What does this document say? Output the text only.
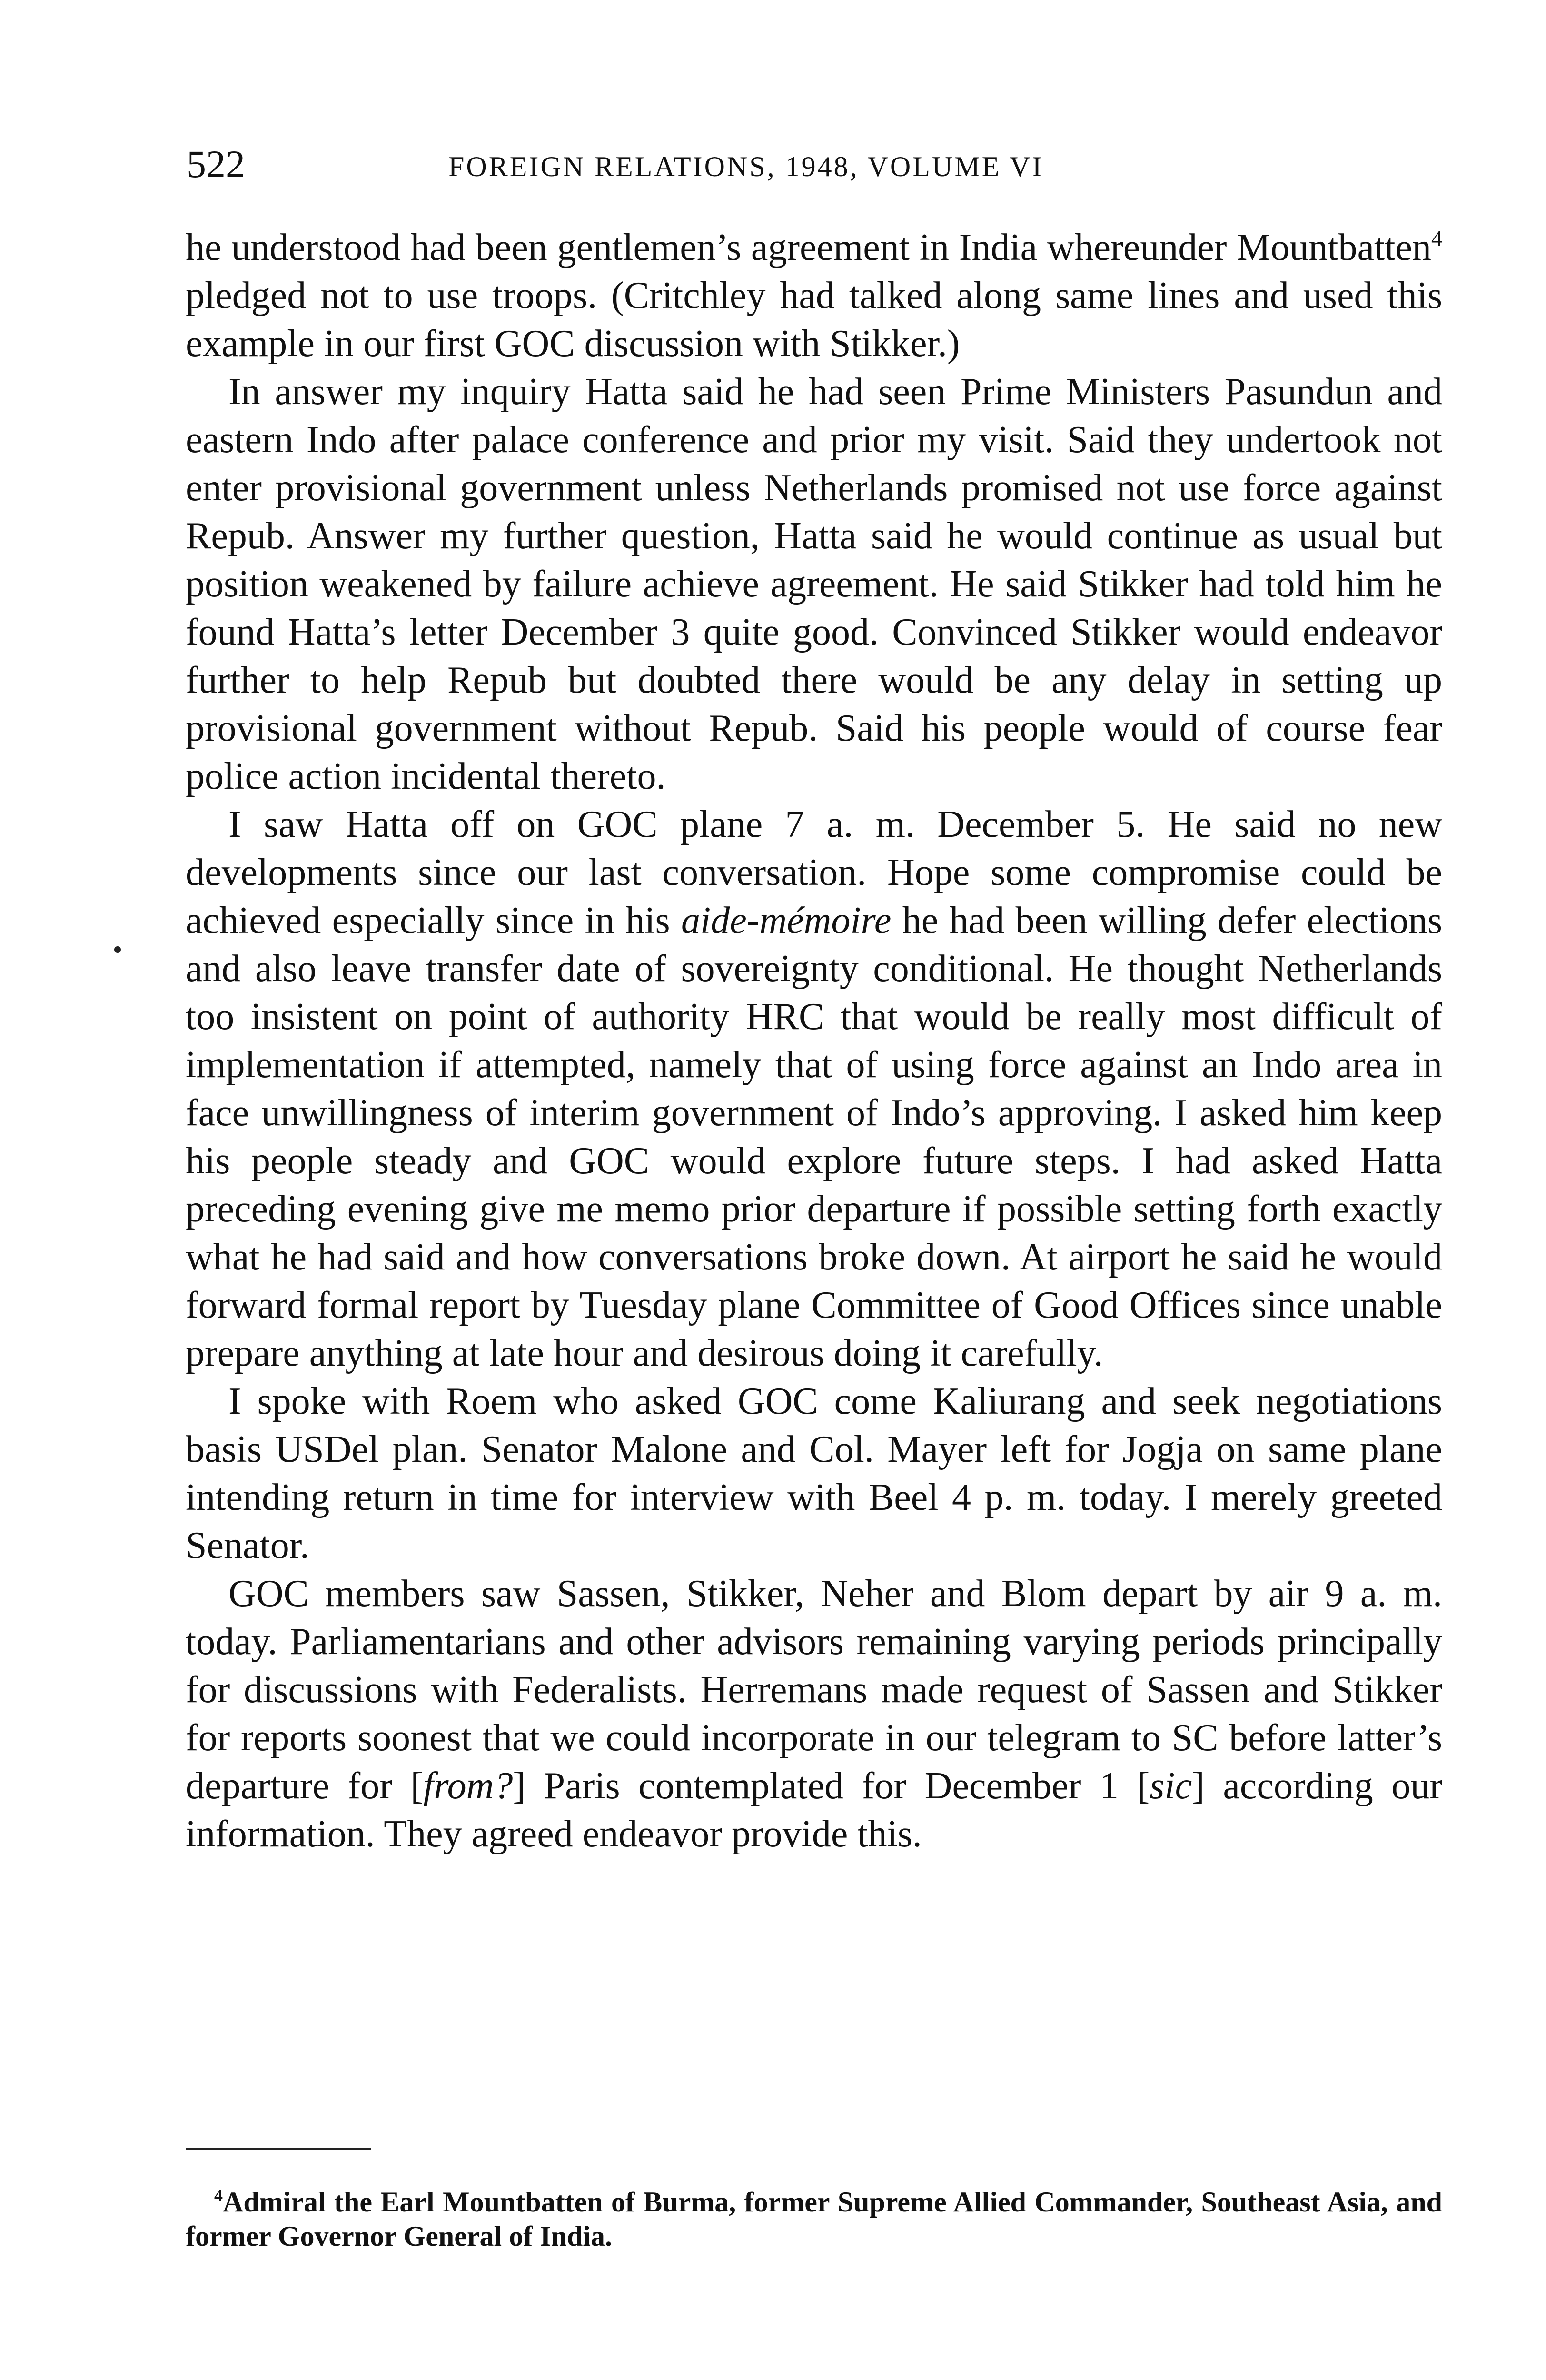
522	FOREIGN RELATIONS, 1948, VOLUME VI

he understood had been gentlemen’s agreement in India whereunder Mountbatten$^4$ pledged not to use troops. (Critchley had talked along same lines and used this example in our first GOC discussion with Stikker.)

In answer my inquiry Hatta said he had seen Prime Ministers Pasundun and eastern Indo after palace conference and prior my visit. Said they undertook not enter provisional government unless Netherlands promised not use force against Repub. Answer my further question, Hatta said he would continue as usual but position weakened by failure achieve agreement. He said Stikker had told him he found Hatta’s letter December 3 quite good. Convinced Stikker would endeavor further to help Repub but doubted there would be any delay in setting up provisional government without Repub. Said his people would of course fear police action incidental thereto.

I saw Hatta off on GOC plane 7 a. m. December 5. He said no new developments since our last conversation. Hope some compromise could be achieved especially since in his aide-mémoire he had been willing defer elections and also leave transfer date of sovereignty conditional. He thought Netherlands too insistent on point of authority HRC that would be really most difficult of implementation if attempted, namely that of using force against an Indo area in face unwillingness of interim government of Indo’s approving. I asked him keep his people steady and GOC would explore future steps. I had asked Hatta preceding evening give me memo prior departure if possible setting forth exactly what he had said and how conversations broke down. At airport he said he would forward formal report by Tuesday plane Committee of Good Offices since unable prepare anything at late hour and desirous doing it carefully.

I spoke with Roem who asked GOC come Kaliurang and seek negotiations basis USDel plan. Senator Malone and Col. Mayer left for Jogja on same plane intending return in time for interview with Beel 4 p. m. today. I merely greeted Senator.

GOC members saw Sassen, Stikker, Neher and Blom depart by air 9 a. m. today. Parliamentarians and other advisors remaining varying periods principally for discussions with Federalists. Herremans made request of Sassen and Stikker for reports soonest that we could incorporate in our telegram to SC before latter’s departure for [from?] Paris contemplated for December 1 [sic] according our information. They agreed endeavor provide this.

$^4$Admiral the Earl Mountbatten of Burma, former Supreme Allied Commander, Southeast Asia, and former Governor General of India.
